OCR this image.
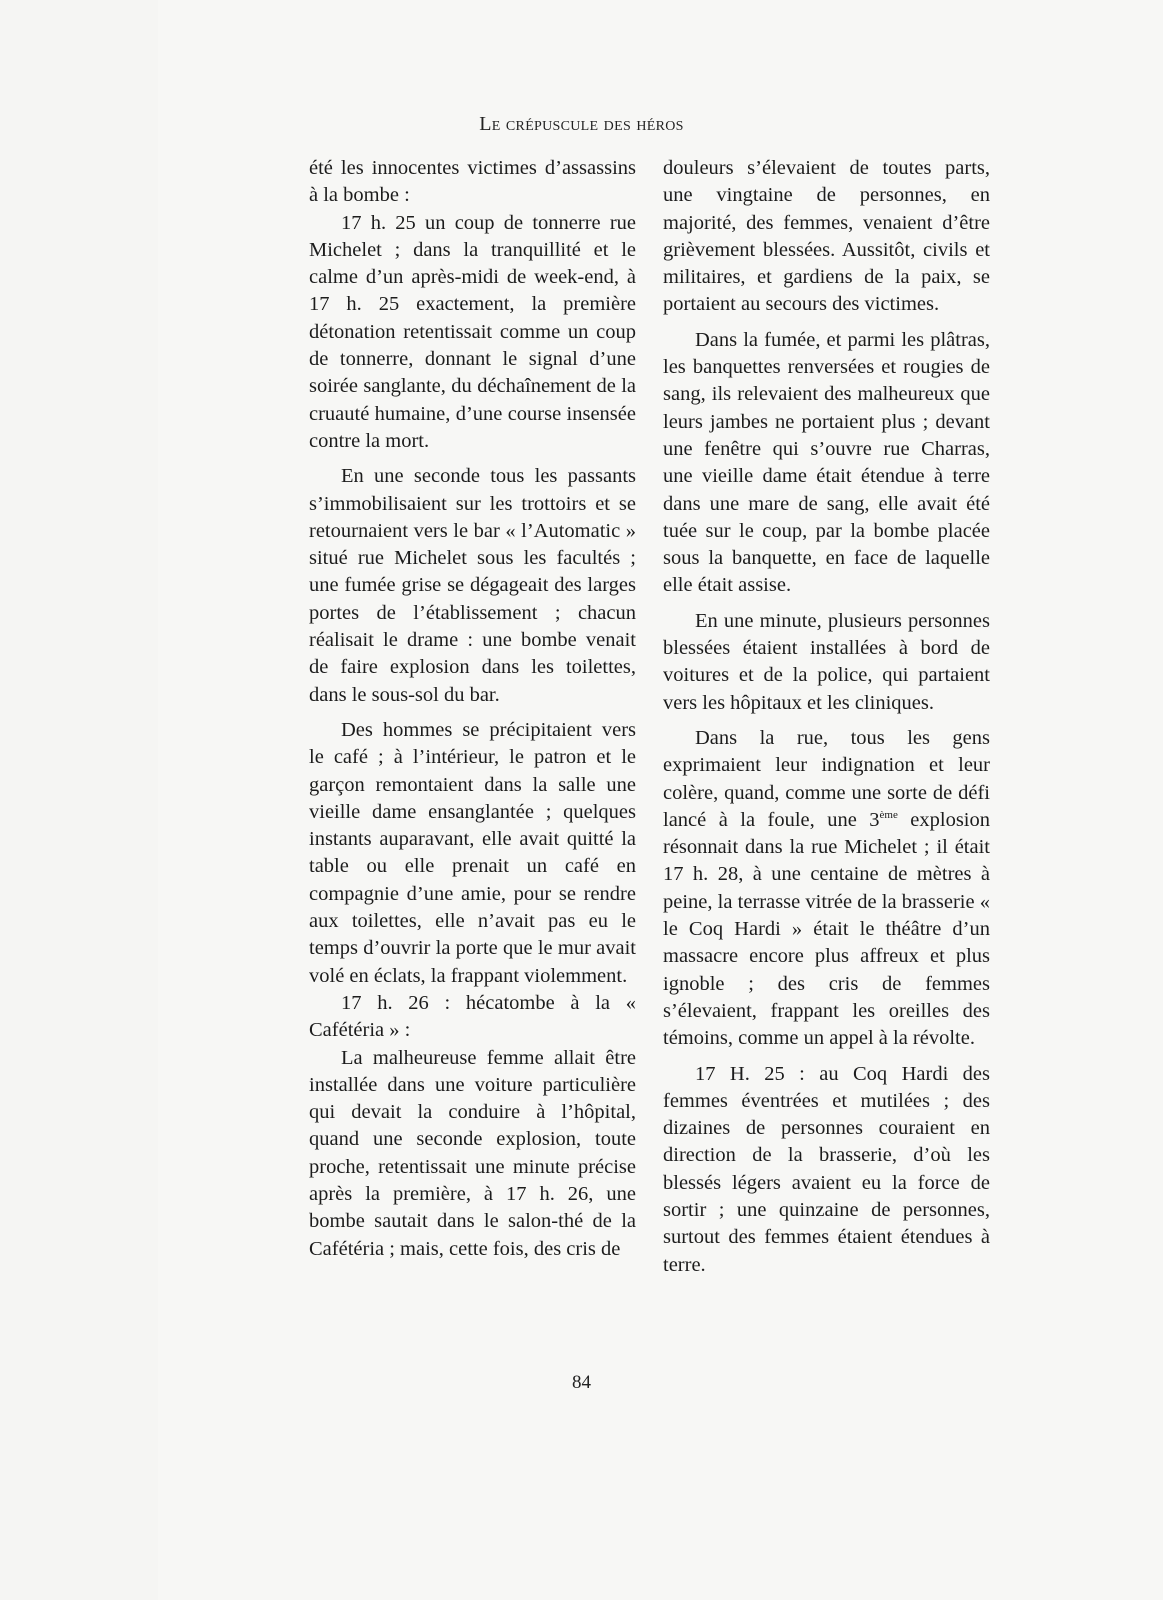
Le crépuscule des héros

été les innocentes victimes d’assassins à la bombe :

17 h. 25 un coup de tonnerre rue Michelet ; dans la tranquillité et le calme d’un après-midi de week-end, à 17 h. 25 exactement, la première détonation retentissait comme un coup de tonnerre, donnant le signal d’une soirée sanglante, du déchaînement de la cruauté humaine, d’une course insensée contre la mort.

En une seconde tous les passants s’immobilisaient sur les trottoirs et se retournaient vers le bar « l’Automatic » situé rue Michelet sous les facultés ; une fumée grise se dégageait des larges portes de l’établissement ; chacun réalisait le drame : une bombe venait de faire explosion dans les toilettes, dans le sous-sol du bar.

Des hommes se précipitaient vers le café ; à l’intérieur, le patron et le garçon remontaient dans la salle une vieille dame ensanglantée ; quelques instants auparavant, elle avait quitté la table ou elle prenait un café en compagnie d’une amie, pour se rendre aux toilettes, elle n’avait pas eu le temps d’ouvrir la porte que le mur avait volé en éclats, la frappant violemment.

17 h. 26 : hécatombe à la « Cafétéria » :

La malheureuse femme allait être installée dans une voiture particulière qui devait la conduire à l’hôpital, quand une seconde explosion, toute proche, retentissait une minute précise après la première, à 17 h. 26, une bombe sautait dans le salon-thé de la Cafétéria ; mais, cette fois, des cris de

douleurs s’élevaient de toutes parts, une vingtaine de personnes, en majorité, des femmes, venaient d’être grièvement blessées. Aussitôt, civils et militaires, et gardiens de la paix, se portaient au secours des victimes.

Dans la fumée, et parmi les plâtras, les banquettes renversées et rougies de sang, ils relevaient des malheureux que leurs jambes ne portaient plus ; devant une fenêtre qui s’ouvre rue Charras, une vieille dame était étendue à terre dans une mare de sang, elle avait été tuée sur le coup, par la bombe placée sous la banquette, en face de laquelle elle était assise.

En une minute, plusieurs personnes blessées étaient installées à bord de voitures et de la police, qui partaient vers les hôpitaux et les cliniques.

Dans la rue, tous les gens exprimaient leur indignation et leur colère, quand, comme une sorte de défi lancé à la foule, une 3ème explosion résonnait dans la rue Michelet ; il était 17 h. 28, à une centaine de mètres à peine, la terrasse vitrée de la brasserie « le Coq Hardi » était le théâtre d’un massacre encore plus affreux et plus ignoble ; des cris de femmes s’élevaient, frappant les oreilles des témoins, comme un appel à la révolte.

17 H. 25 : au Coq Hardi des femmes éventrées et mutilées ; des dizaines de personnes couraient en direction de la brasserie, d’où les blessés légers avaient eu la force de sortir ; une quinzaine de personnes, surtout des femmes étaient étendues à terre.

84
